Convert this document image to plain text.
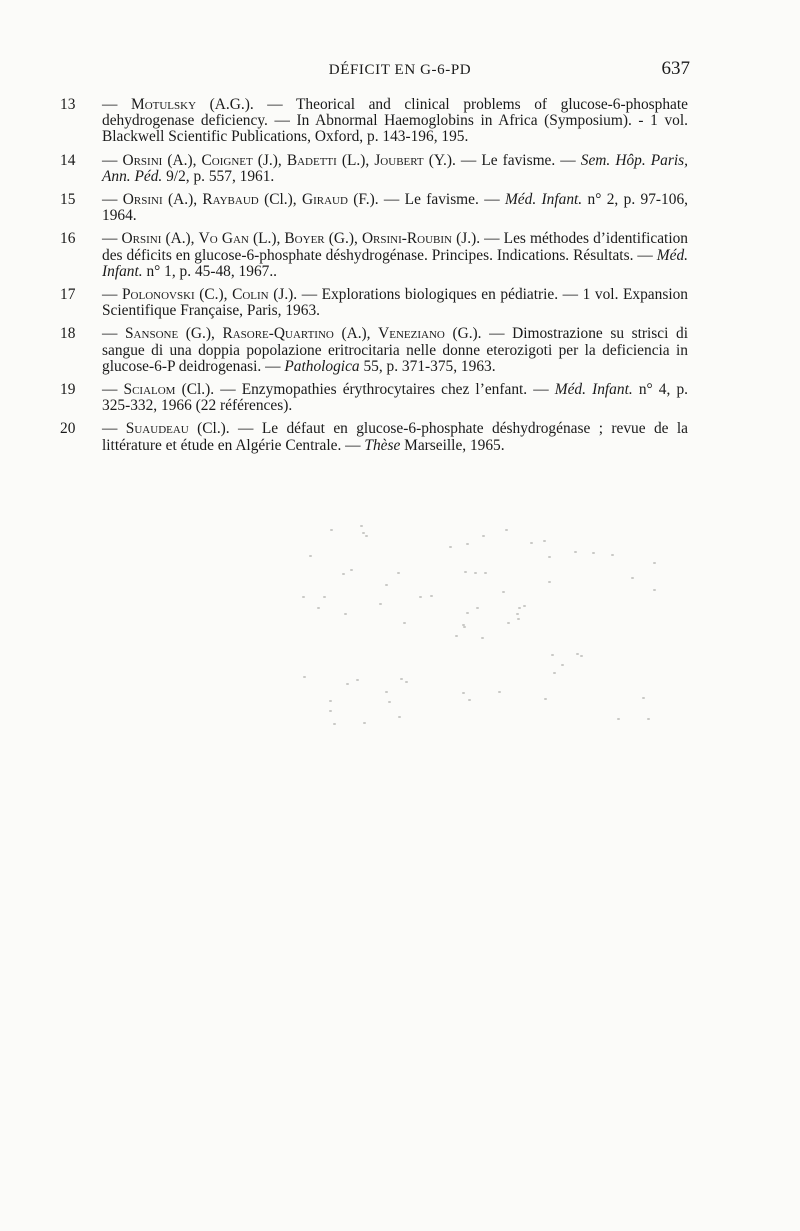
DÉFICIT EN G-6-PD	637
13 — Motulsky (A.G.). — Theorical and clinical problems of glucose-6-phosphate dehydrogenase deficiency. — In Abnormal Haemoglobins in Africa (Symposium). - 1 vol. Blackwell Scientific Publications, Oxford, p. 143-196, 195.
14 — Orsini (A.), Coignet (J.), Badetti (L.), Joubert (Y.). — Le favisme. — Sem. Hôp. Paris, Ann. Péd. 9/2, p. 557, 1961.
15 — Orsini (A.), Raybaud (Cl.), Giraud (F.). — Le favisme. — Méd. Infant. n° 2, p. 97-106, 1964.
16 — Orsini (A.), Vo Gan (L.), Boyer (G.), Orsini-Roubin (J.). — Les méthodes d’identification des déficits en glucose-6-phosphate déshydrogénase. Principes. Indications. Résultats. — Méd. Infant. n° 1, p. 45-48, 1967..
17 — Polonovski (C.), Colin (J.). — Explorations biologiques en pédiatrie. — 1 vol. Expansion Scientifique Française, Paris, 1963.
18 — Sansone (G.), Rasore-Quartino (A.), Veneziano (G.). — Dimostrazione su strisci di sangue di una doppia popolazione eritrocitaria nelle donne eterozigoti per la deficiencia in glucose-6-P deidrogenasi. — Pathologica 55, p. 371-375, 1963.
19 — Scialom (Cl.). — Enzymopathies érythrocytaires chez l’enfant. — Méd. Infant. n° 4, p. 325-332, 1966 (22 références).
20 — Suaudeau (Cl.). — Le défaut en glucose-6-phosphate déshydrogénase ; revue de la littérature et étude en Algérie Centrale. — Thèse Marseille, 1965.
